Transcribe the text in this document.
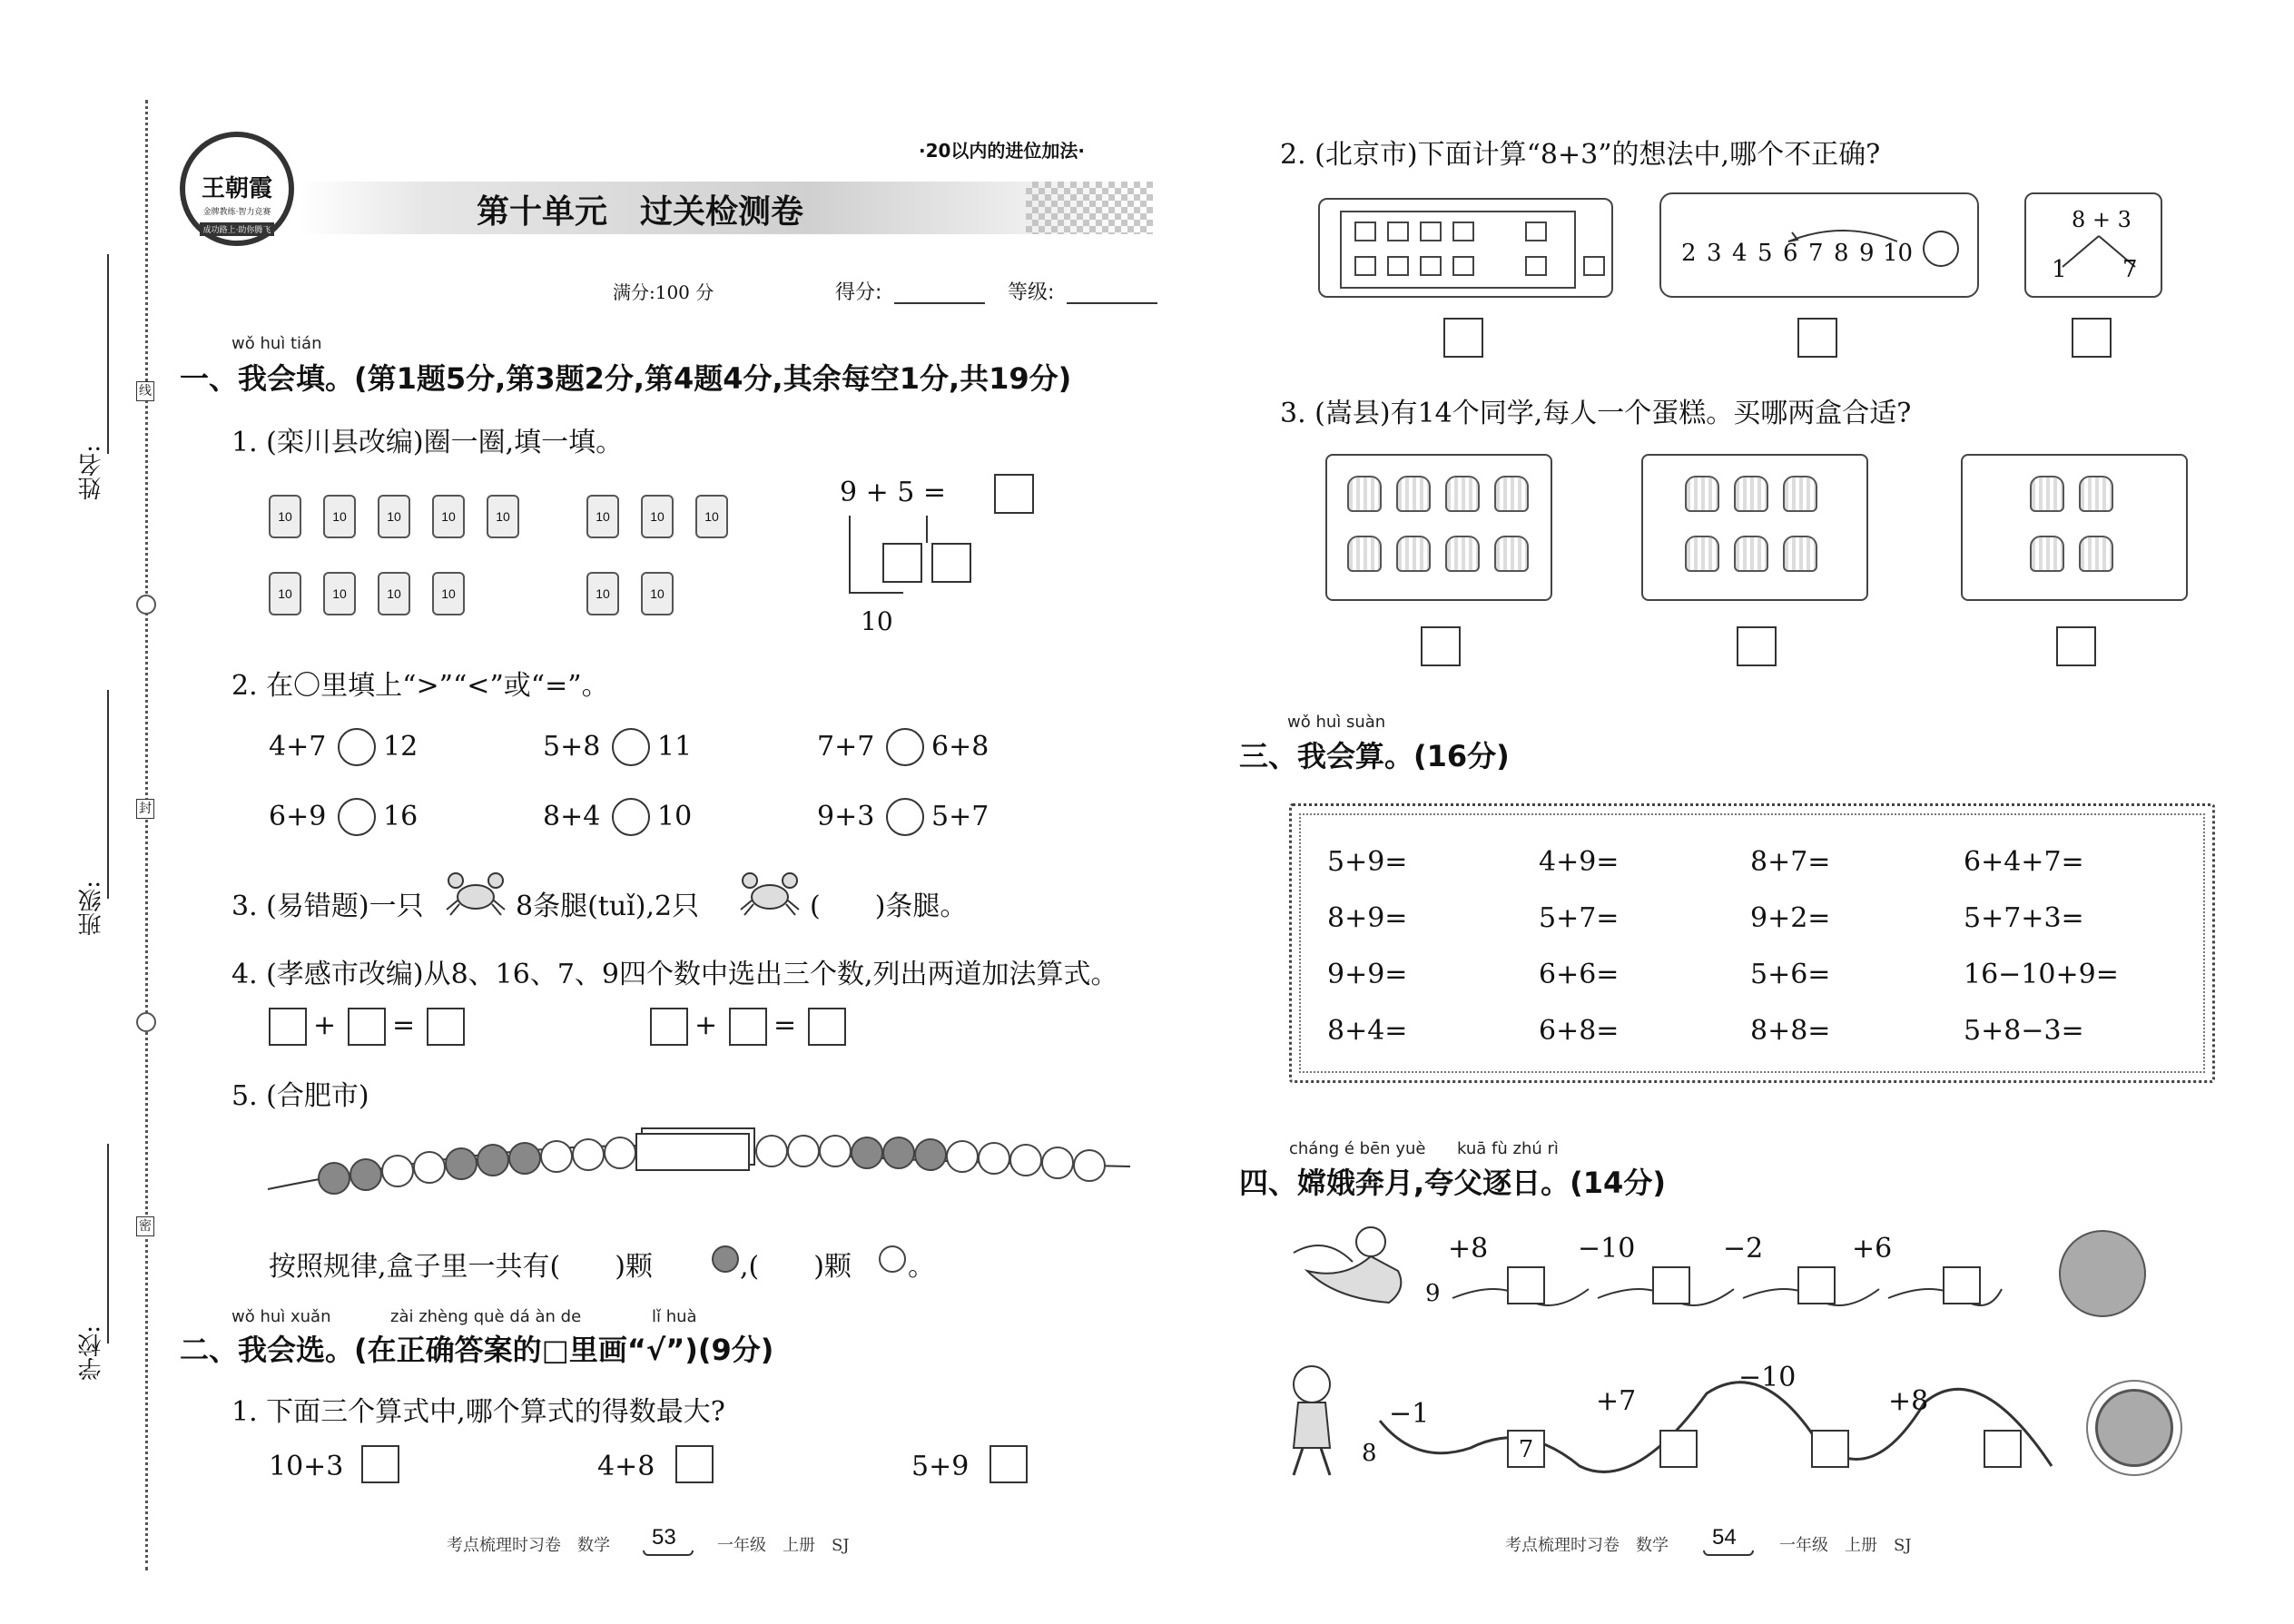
线
封
密
姓名:
班级:
学校:
王朝霞
金牌教练·智力竞赛
成功路上·助你腾飞
·20以内的进位加法·
第十单元　过关检测卷
满分:100 分	得分:	等级:
wǒ huì tián
一、我会填。(第1题5分,第3题2分,第4题4分,其余每空1分,共19分)
1. (栾川县改编)圈一圈,填一填。
10	10	10	10	10
10	10	10	10
10	10	10
10	10
9 + 5 =
10
2. 在〇里填上“>”“<”或“=”。
4+7 12	5+8 11	7+7 6+8
6+9 16	8+4 10	9+3 5+7
3. (易错题)一只	8条腿(tuǐ),2只	(　　)条腿。
4. (孝感市改编)从8、16、7、9四个数中选出三个数,列出两道加法算式。
+ =	+ =
5. (合肥市)
按照规律,盒子里一共有(　　)颗	,(　　)颗 。
wǒ huì xuǎn	zài zhèng què dá àn de	lǐ huà
二、我会选。(在正确答案的□里画“√”)(9分)
1. 下面三个算式中,哪个算式的得数最大?
10+3	4+8	5+9
考点梳理时习卷　数学 53	一年级　上册　SJ
2. (北京市)下面计算“8+3”的想法中,哪个不正确?
2 3 4 5 6 7 8 9 10
8 + 3
1 7
3. (嵩县)有14个同学,每人一个蛋糕。买哪两盒合适?
wǒ huì suàn
三、我会算。(16分)
5+9=	4+9=	8+7=	6+4+7=
8+9=	5+7=	9+2=	5+7+3=
9+9=	6+6=	5+6=	16−10+9=
8+4=	6+8=	8+8=	5+8−3=
cháng é bēn yuè kuā fù zhú rì
四、嫦娥奔月,夸父逐日。(14分)
9
+8	−10	−2	+6
8
−1	+7
−10
+8
7
考点梳理时习卷　数学 54	一年级　上册　SJ
